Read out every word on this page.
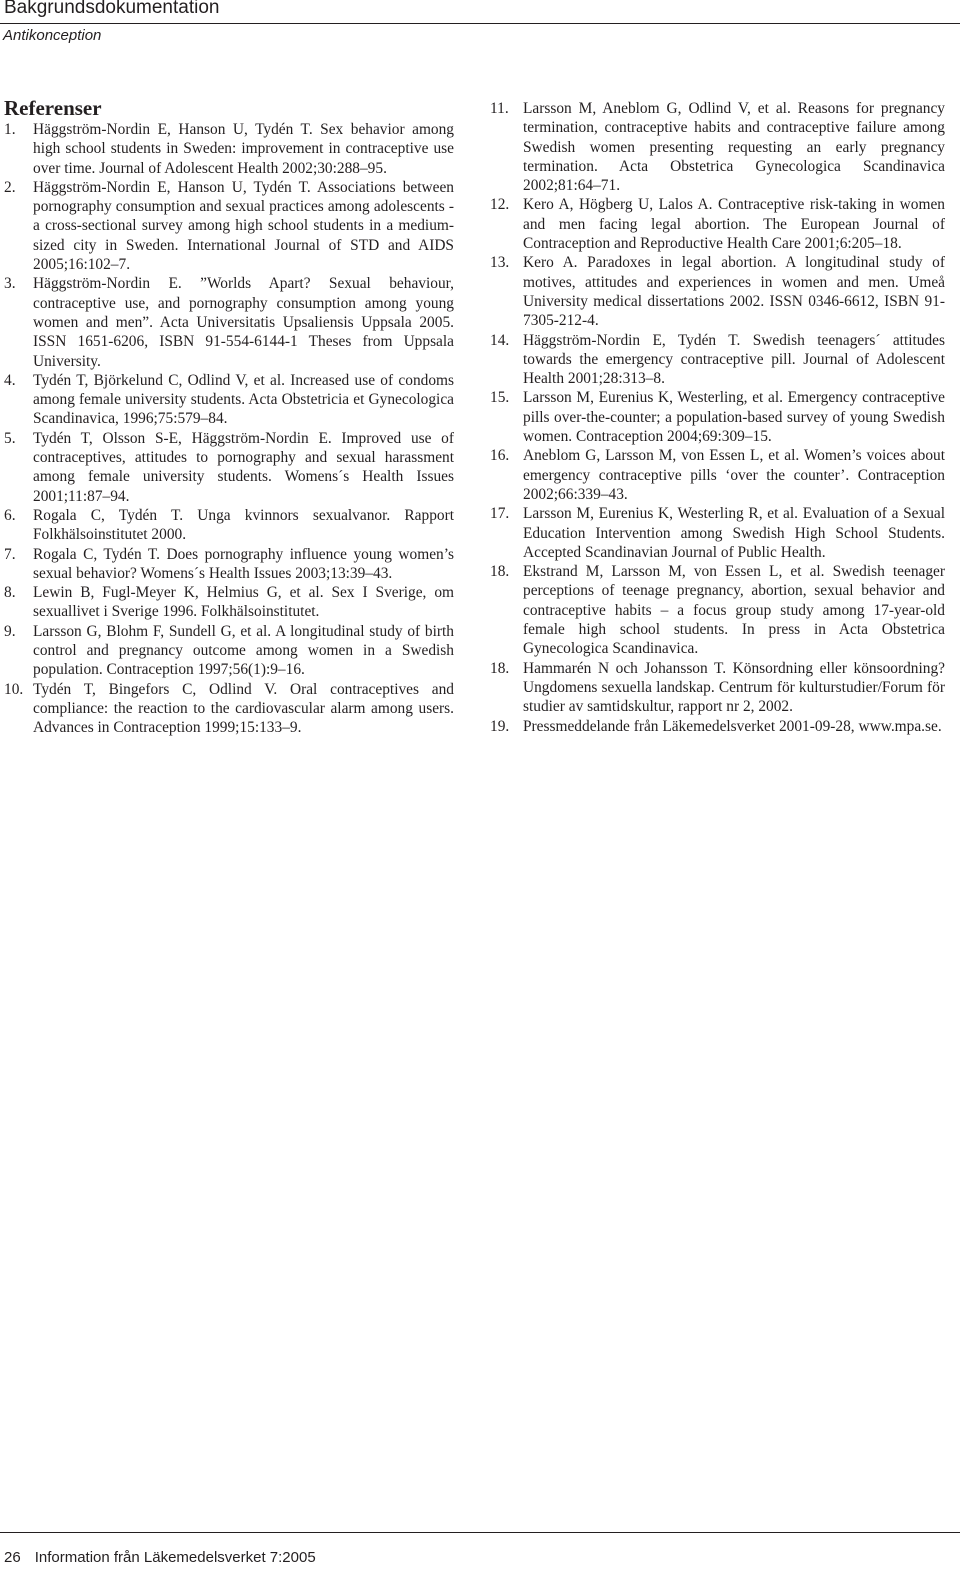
Bakgrundsdokumentation
Antikonception
Referenser
1. Häggström-Nordin E, Hanson U, Tydén T. Sex behavior among high school students in Sweden: improvement in contraceptive use over time. Journal of Adolescent Health 2002;30:288–95.
2. Häggström-Nordin E, Hanson U, Tydén T. Associations between pornography consumption and sexual practices among adolescents - a cross-sectional survey among high school students in a medium-sized city in Sweden. International Journal of STD and AIDS 2005;16:102–7.
3. Häggström-Nordin E. ”Worlds Apart? Sexual behaviour, contraceptive use, and pornography consumption among young women and men”. Acta Universitatis Upsaliensis Uppsala 2005. ISSN 1651-6206, ISBN 91-554-6144-1 Theses from Uppsala University.
4. Tydén T, Björkelund C, Odlind V, et al. Increased use of condoms among female university students. Acta Obstetricia et Gynecologica Scandinavica, 1996;75:579–84.
5. Tydén T, Olsson S-E, Häggström-Nordin E. Improved use of contraceptives, attitudes to pornography and sexual harassment among female university students. Womens´s Health Issues 2001;11:87–94.
6. Rogala C, Tydén T. Unga kvinnors sexualvanor. Rapport Folkhälsoinstitutet 2000.
7. Rogala C, Tydén T. Does pornography influence young women’s sexual behavior? Womens´s Health Issues 2003;13:39–43.
8. Lewin B, Fugl-Meyer K, Helmius G, et al. Sex I Sverige, om sexuallivet i Sverige 1996. Folkhälsoinstitutet.
9. Larsson G, Blohm F, Sundell G, et al. A longitudinal study of birth control and pregnancy outcome among women in a Swedish population. Contraception 1997;56(1):9–16.
10. Tydén T, Bingefors C, Odlind V. Oral contraceptives and compliance: the reaction to the cardiovascular alarm among users. Advances in Contraception 1999;15:133–9.
11. Larsson M, Aneblom G, Odlind V, et al. Reasons for pregnancy termination, contraceptive habits and contraceptive failure among Swedish women presenting requesting an early pregnancy termination. Acta Obstetrica Gynecologica Scandinavica 2002;81:64–71.
12. Kero A, Högberg U, Lalos A. Contraceptive risk-taking in women and men facing legal abortion. The European Journal of Contraception and Reproductive Health Care 2001;6:205–18.
13. Kero A. Paradoxes in legal abortion. A longitudinal study of motives, attitudes and experiences in women and men. Umeå University medical dissertations 2002. ISSN 0346-6612, ISBN 91-7305-212-4.
14. Häggström-Nordin E, Tydén T. Swedish teenagers´ attitudes towards the emergency contraceptive pill. Journal of Adolescent Health 2001;28:313–8.
15. Larsson M, Eurenius K, Westerling, et al. Emergency contraceptive pills over-the-counter; a population-based survey of young Swedish women. Contraception 2004;69:309–15.
16. Aneblom G, Larsson M, von Essen L, et al. Women’s voices about emergency contraceptive pills ‘over the counter’. Contraception 2002;66:339–43.
17. Larsson M, Eurenius K, Westerling R, et al. Evaluation of a Sexual Education Intervention among Swedish High School Students. Accepted Scandinavian Journal of Public Health.
18. Ekstrand M, Larsson M, von Essen L, et al. Swedish teenager perceptions of teenage pregnancy, abortion, sexual behavior and contraceptive habits – a focus group study among 17-year-old female high school students. In press in Acta Obstetrica Gynecologica Scandinavica.
18. Hammarén N och Johansson T. Könsordning eller könsoordning? Ungdomens sexuella landskap. Centrum för kulturstudier/Forum för studier av samtidskultur, rapport nr 2, 2002.
19. Pressmeddelande från Läkemedelsverket 2001-09-28, www.mpa.se.
26 Information från Läkemedelsverket 7:2005
